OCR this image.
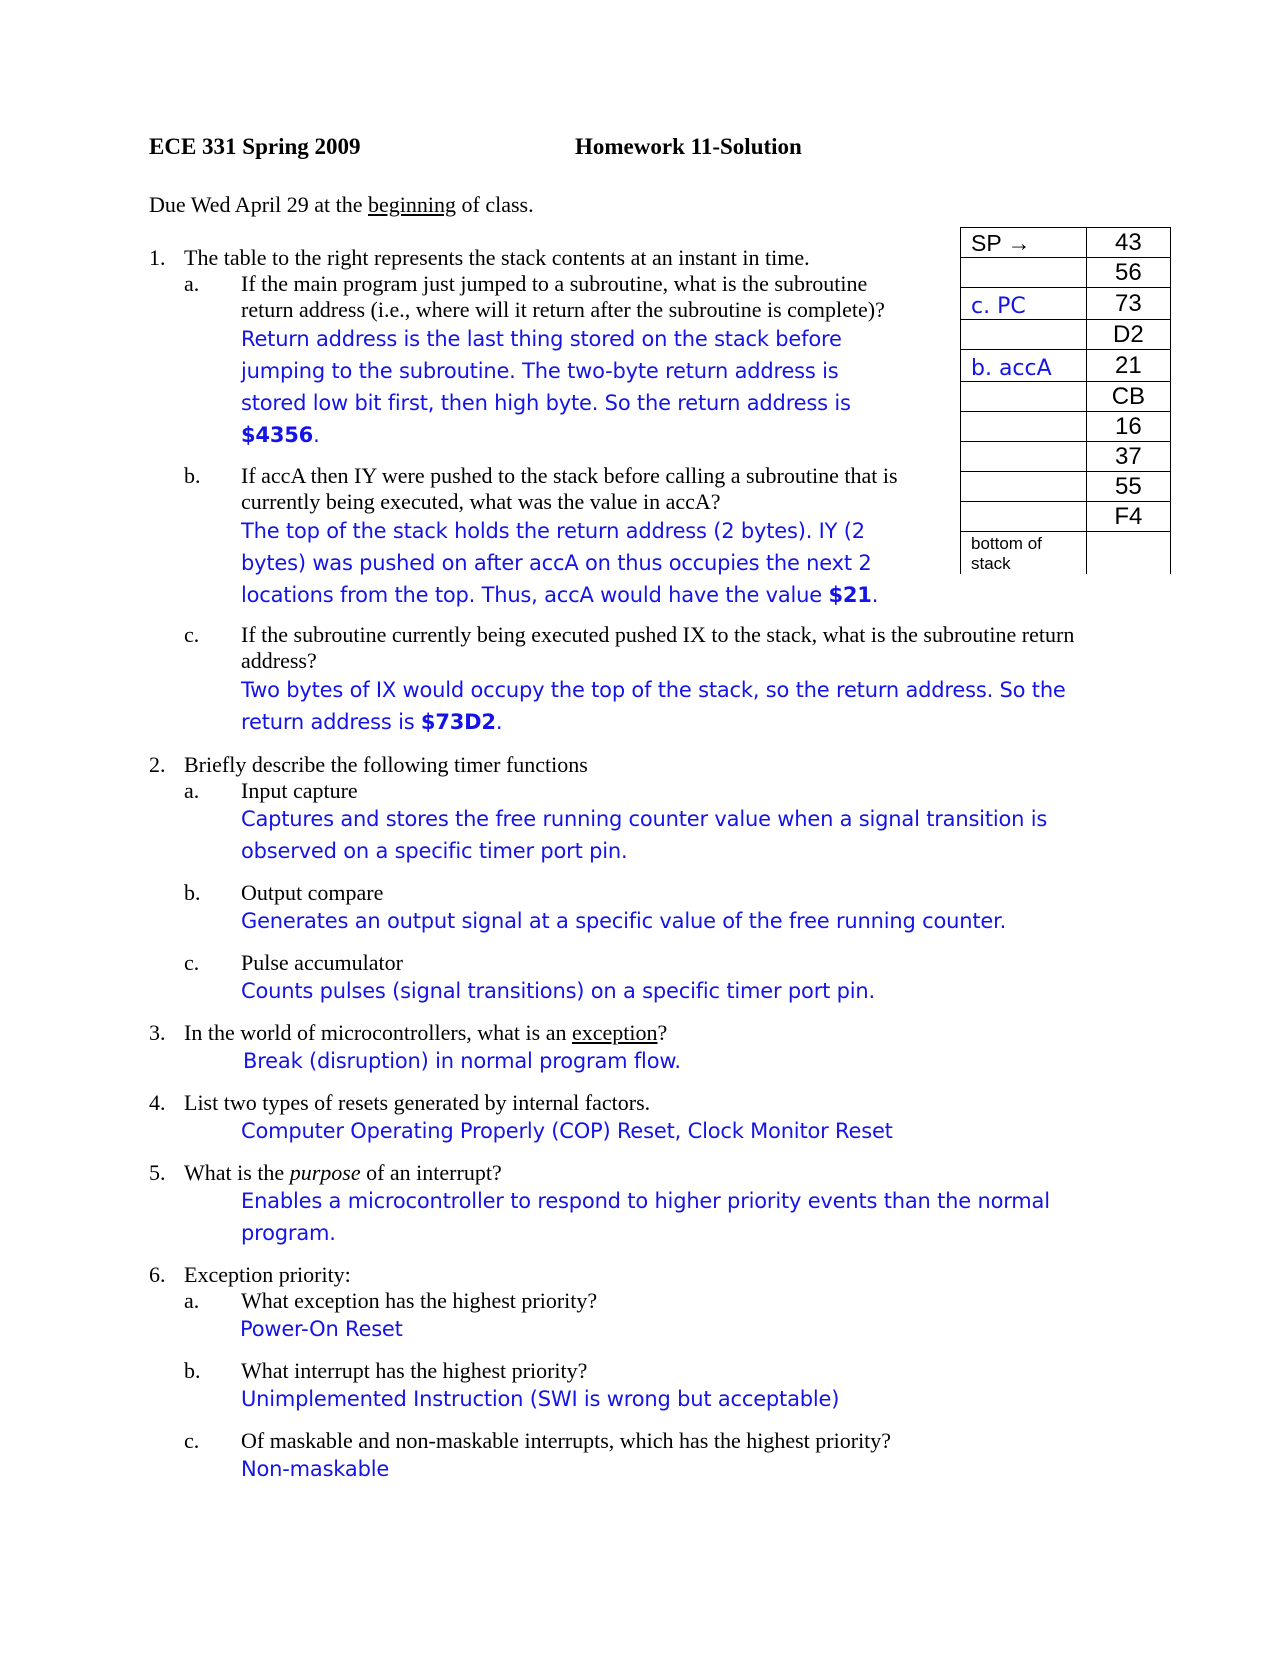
ECE 331 Spring 2009	Homework 11-Solution
Due Wed April 29 at the beginning of class.
SP →	43
	56
c. PC	73
	D2
b. accA	21
	CB
	16
	37
	55
	F4

bottom of
stack	

1. The table to the right represents the stack contents at an instant in time.
a. If the main program just jumped to a subroutine, what is the subroutine
return address (i.e., where will it return after the subroutine is complete)?
Return address is the last thing stored on the stack before
jumping to the subroutine. The two-byte return address is
stored low bit first, then high byte. So the return address is
$4356.
b. If accA then IY were pushed to the stack before calling a subroutine that is
currently being executed, what was the value in accA?
The top of the stack holds the return address (2 bytes). IY (2
bytes) was pushed on after accA on thus occupies the next 2
locations from the top. Thus, accA would have the value $21.
c. If the subroutine currently being executed pushed IX to the stack, what is the subroutine return
address?
Two bytes of IX would occupy the top of the stack, so the return address. So the
return address is $73D2.
2. Briefly describe the following timer functions
a. Input capture
Captures and stores the free running counter value when a signal transition is
observed on a specific timer port pin.
b. Output compare
Generates an output signal at a specific value of the free running counter.
c. Pulse accumulator
Counts pulses (signal transitions) on a specific timer port pin.
3. In the world of microcontrollers, what is an exception?
Break (disruption) in normal program flow.
4. List two types of resets generated by internal factors.
Computer Operating Properly (COP) Reset, Clock Monitor Reset
5. What is the purpose of an interrupt?
Enables a microcontroller to respond to higher priority events than the normal
program.
6. Exception priority:
a. What exception has the highest priority?
Power-On Reset
b. What interrupt has the highest priority?
Unimplemented Instruction (SWI is wrong but acceptable)
c. Of maskable and non-maskable interrupts, which has the highest priority?
Non-maskable
